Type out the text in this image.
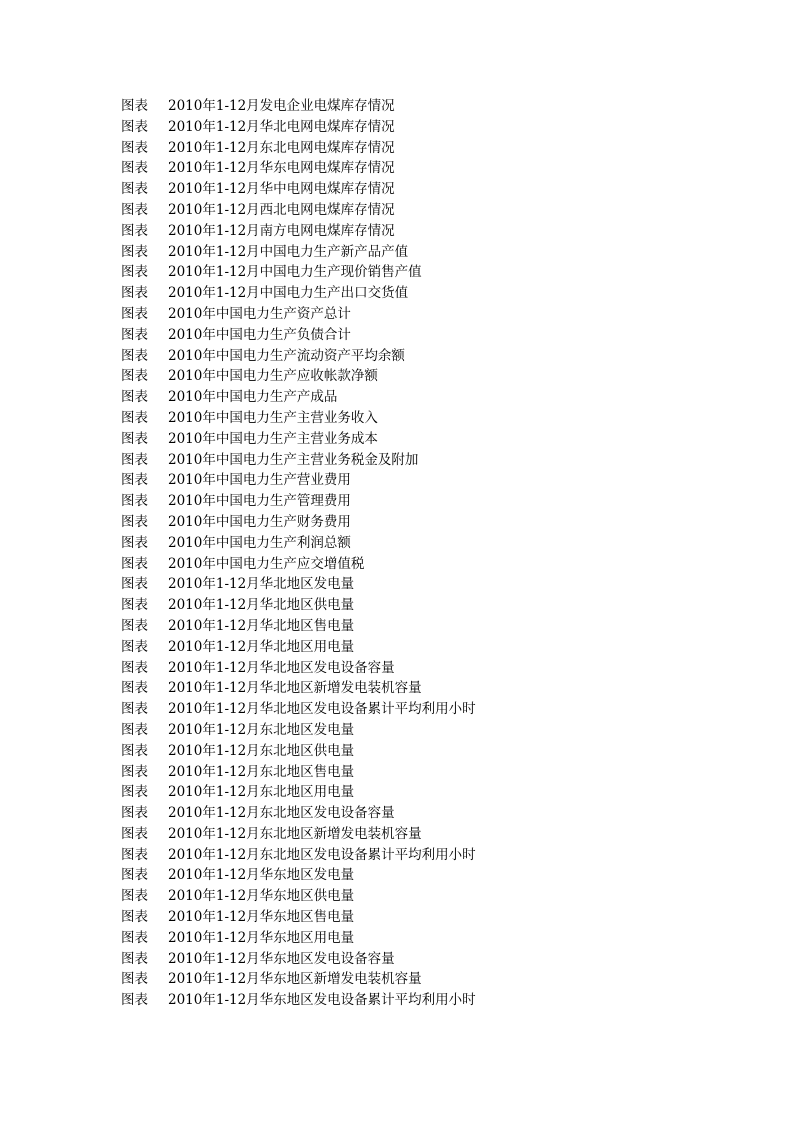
图表 2010年1-12月发电企业电煤库存情况
图表 2010年1-12月华北电网电煤库存情况
图表 2010年1-12月东北电网电煤库存情况
图表 2010年1-12月华东电网电煤库存情况
图表 2010年1-12月华中电网电煤库存情况
图表 2010年1-12月西北电网电煤库存情况
图表 2010年1-12月南方电网电煤库存情况
图表 2010年1-12月中国电力生产新产品产值
图表 2010年1-12月中国电力生产现价销售产值
图表 2010年1-12月中国电力生产出口交货值
图表 2010年中国电力生产资产总计
图表 2010年中国电力生产负债合计
图表 2010年中国电力生产流动资产平均余额
图表 2010年中国电力生产应收帐款净额
图表 2010年中国电力生产产成品
图表 2010年中国电力生产主营业务收入
图表 2010年中国电力生产主营业务成本
图表 2010年中国电力生产主营业务税金及附加
图表 2010年中国电力生产营业费用
图表 2010年中国电力生产管理费用
图表 2010年中国电力生产财务费用
图表 2010年中国电力生产利润总额
图表 2010年中国电力生产应交增值税
图表 2010年1-12月华北地区发电量
图表 2010年1-12月华北地区供电量
图表 2010年1-12月华北地区售电量
图表 2010年1-12月华北地区用电量
图表 2010年1-12月华北地区发电设备容量
图表 2010年1-12月华北地区新增发电装机容量
图表 2010年1-12月华北地区发电设备累计平均利用小时
图表 2010年1-12月东北地区发电量
图表 2010年1-12月东北地区供电量
图表 2010年1-12月东北地区售电量
图表 2010年1-12月东北地区用电量
图表 2010年1-12月东北地区发电设备容量
图表 2010年1-12月东北地区新增发电装机容量
图表 2010年1-12月东北地区发电设备累计平均利用小时
图表 2010年1-12月华东地区发电量
图表 2010年1-12月华东地区供电量
图表 2010年1-12月华东地区售电量
图表 2010年1-12月华东地区用电量
图表 2010年1-12月华东地区发电设备容量
图表 2010年1-12月华东地区新增发电装机容量
图表 2010年1-12月华东地区发电设备累计平均利用小时
